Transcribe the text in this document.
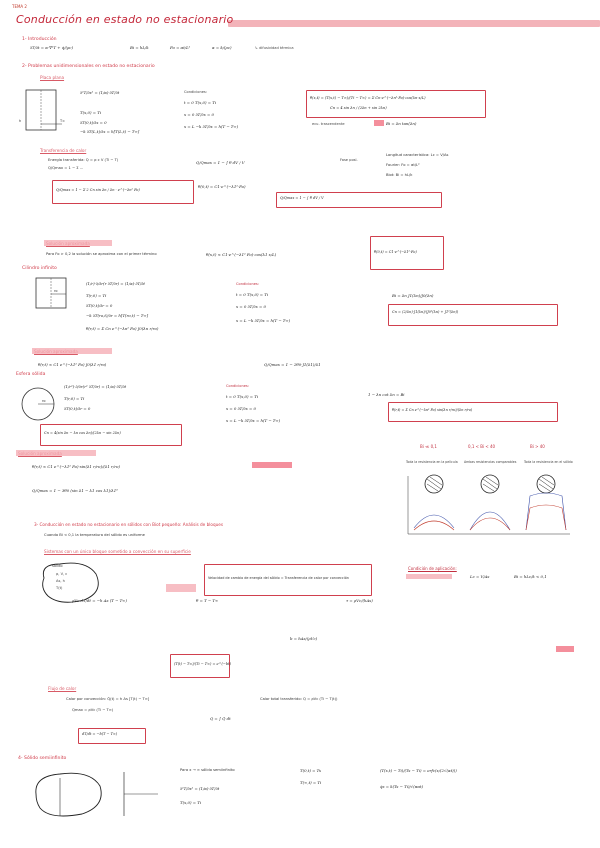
TEMA 2
Conducción en estado no estacionario
1- Introducción
∂T/∂t = α·∇²T + q̇/(ρc)	Bi = hL/k	Fo = αt/L²	α = k/(ρc)	↳ difusividad térmica
2- Problemas unidimensionales en estado no estacionario
Placa plana
h	T∞
∂²T/∂x² = (1/α)·∂T/∂t
T(x,0) = Ti
∂T(0,t)/∂x = 0
−k ∂T(L,t)/∂x = h[T(L,t) − T∞]
Condiciones:
t = 0 T(x,0) = Ti
x = 0 ∂T/∂x = 0
x = L −k ∂T/∂x = h(T − T∞)
θ(x,t) = (T(x,t) − T∞)/(Ti − T∞) = Σ Cn·e^(−λn²·Fo)·cos(λn·x/L)
Cn = 4 sin λn / (2λn + sin 2λn)
ecu. trascendente	Bi = λn tan(λn)
Transferencia de calor
Energía transferida: Q = ρ c V (Ti − T)
Q/Qmax = 1 − Σ ...
Q/Qmax = 1 − ∫ θ dV / V	Fase posl.
Longitud característica: Lc = V/As
Fourier: Fo = αt/L²
Biot: Bi = hL/k
Q/Qmax = 1 − Σ 2 Cn sin λn / λn · e^(−λn² Fo)
θ(0,t) = C1·e^(−λ1²·Fo)
Q/Qmax = 1 − ∫ θ dV / V
Para Fo > 0,2 la solución se aproxima con el primer término	θ(x,t) ≈ C1·e^(−λ1² Fo)·cos(λ1 x/L)	θ(0,t) = C1·e^(−λ1²·Fo)
Cilindro infinito
ro
(1/r)·∂/∂r(r ∂T/∂r) = (1/α)·∂T/∂t
T(r,0) = Ti
∂T(0,t)/∂r = 0
−k ∂T(ro,t)/∂r = h[T(ro,t) − T∞]
θ(r,t) = Σ Cn e^(−λn² Fo) J0(λn r/ro)
Condiciones:
t = 0 T(x,0) = Ti
x = 0 ∂T/∂x = 0
x = L −k ∂T/∂x = h(T − T∞)
Bi = λn J1(λn)/J0(λn)
Cn = (2/λn)·J1(λn)/(J0²(λn) + J1²(λn))
θ(r,t) ≈ C1 e^(−λ1² Fo) J0(λ1 r/ro)	Q/Qmax = 1 − 2θ0·J1(λ1)/λ1
Esfera sólida
ro
(1/r²)·∂/∂r(r² ∂T/∂r) = (1/α)·∂T/∂t
T(r,0) = Ti
∂T(0,t)/∂r = 0
Condiciones:
t = 0 T(x,0) = Ti
x = 0 ∂T/∂x = 0
x = L −k ∂T/∂x = h(T − T∞)
1 − λn cot λn = Bi
θ(r,t) = Σ Cn e^(−λn² Fo) sin(λn r/ro)/(λn r/ro)
Cn = 4(sin λn − λn cos λn)/(2λn − sin 2λn)
θ(r,t) ≈ C1 e^(−λ1² Fo)·sin(λ1 r/ro)/(λ1 r/ro)
Q/Qmax = 1 − 3θ0 (sin λ1 − λ1 cos λ1)/λ1³
Bi ≪ 0,1	0,1 < Bi < 40	Bi > 40
Toda la resistencia en la película Ambas resistencias comparables Toda la resistencia en el sólido
3- Conducción en estado no estacionario en sólidos con Biot pequeño: Análisis de bloques
Cuando Bi < 0,1 la temperatura del sólido es uniforme
Sistemas con un único bloque sometido a convección en su superficie
sólido
ρ, V, c
As, h
T(t)
Velocidad de cambio de energía del sólido = Transferencia de calor por convección
Condición de aplicación:
Lc = V/As	Bi = hLc/k < 0,1
ρVc·dT/dt = −h As (T − T∞)	θ = T − T∞	τ = ρVc/(hAs)
b = hAs/(ρVc)
(T(t) − T∞)/(Ti − T∞) = e^(−bt)
Flujo de calor
Calor por convección: Q̇(t) = h As [T(t) − T∞]	Calor total transferido: Q = ρVc (Ti − T(t))
Qmax = ρVc (Ti − T∞)
Q = ∫ Q̇ dt
dT/dt = −b(T − T∞)
4- Sólido semiinfinito
Para x → ∞ sólido semiinfinito
∂²T/∂x² = (1/α)·∂T/∂t
T(x,0) = Ti
T(0,t) = Ts
T(∞,t) = Ti
(T(x,t) − Ti)/(Ts − Ti) = erfc(x/(2√(αt)))
q̇s = k(Ts − Ti)/√(παt)
